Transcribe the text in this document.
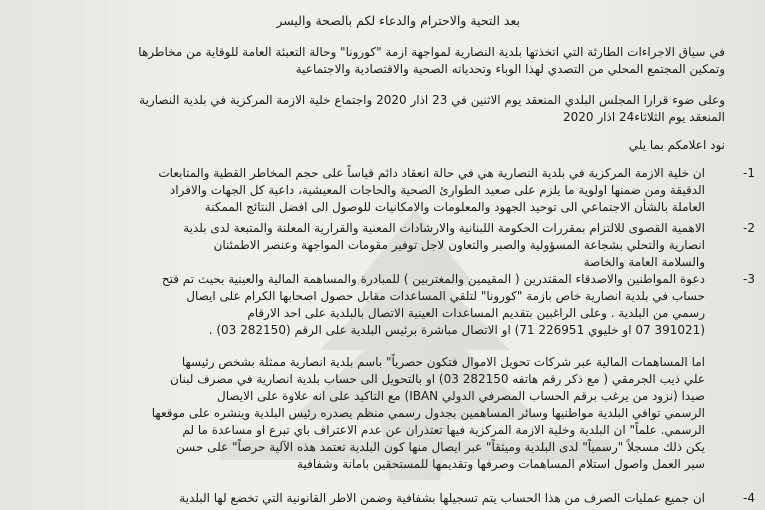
بعد التحية والاحترام والدعاء لكم بالصحة واليسر
في سياق الاجراءات الطارئة التي اتخذتها بلدية النصارية لمواجهة ازمة "كورونا" وحالة التعبئة العامة للوقاية من مخاطرها
وتمكين المجتمع المحلي من التصدي لهذا الوباء وتحدياته الصحية والاقتصادية والاجتماعية
وعلى ضوء قرارا المجلس البلدي المنعقد يوم الاثنين في 23 اذار 2020 واجتماع خلية الازمة المركزية في بلدية النصارية
المنعقد يوم الثلاثاء24 اذار 2020
نود اعلامكم بما يلي
-1
ان خلية الازمة المركزية في بلدية النصارية هي في حالة انعقاد دائم قياساً على حجم المخاطر القطية والمتابعات
الدقيقة ومن ضمنها اولوية ما يلزم على صعيد الطوارئ الصحية والحاجات المعيشية، داعية كل الجهات والافراد
العاملة بالشأن الاجتماعي الى توحيد الجهود والمعلومات والامكانيات للوصول الى افضل النتائج الممكنة
-2
الاهمية القصوى للالتزام بمقررات الحكومة اللبنانية والارشادات المعنية والقرارية المعلنة والمتبعة لدى بلدية
انصارية والتحلي بشجاعة المسؤولية والصبر والتعاون لاجل توفير مقومات المواجهة وعنصر الاطمئنان
والسلامة العامة والخاصة
-3
دعوة المواطنين والاصدقاء المقتدرين ( المقيمين والمغتربين ) للمبادرة والمساهمة المالية والعينية بحيث تم فتح
حساب في بلدية انصارية خاص بازمة "كورونا" لتلقي المساعدات مقابل حصول اصحابها الكرام على ايصال
رسمي من البلدية . وعلى الراغبين بتقديم المساعدات العينية الاتصال بالبلدية على احد الارقام
(391021 07 او خليوي 226951 71) او الاتصال مباشرة برئيس البلدية على الرقم (282150 03) .
اما المساهمات المالية عبر شركات تحويل الاموال فتكون حصرياً" باسم بلدية انصارية ممثلة بشخص رئيسها
علي ذيب الجرمقي ( مع ذكر رقم هاتفه 282150 03) او بالتحويل الى حساب بلدية انصارية في مصرف لبنان
صيدا (نزود من يرغب برقم الحساب المصرفي الدولي IBAN) مع التاكيد على انه علاوة على الايصال
الرسمي توافي البلدية مواطنيها وسائر المساهمين بجدول رسمي منظم يصدره رئيس البلدية وينشره على موقعها
الرسمي. علماً" ان البلدية وخلية الازمة المركزية فيها تعتذران عن عدم الاعتراف باي تبرع او مساعدة ما لم
يكن ذلك مسجلاً "رسمياً" لدى البلدية وميثقاً" عبر ايصال منها كون البلدية تعتمد هذه الآلية حرصاً" على حسن
سير العمل واصول استلام المساهمات وصرفها وتقديمها للمستحقين بامانة وشفافية
-4
ان جميع عمليات الصرف من هذا الحساب يتم تسجيلها بشفافية وضمن الاطر القانونية التي تخضع لها البلدية
